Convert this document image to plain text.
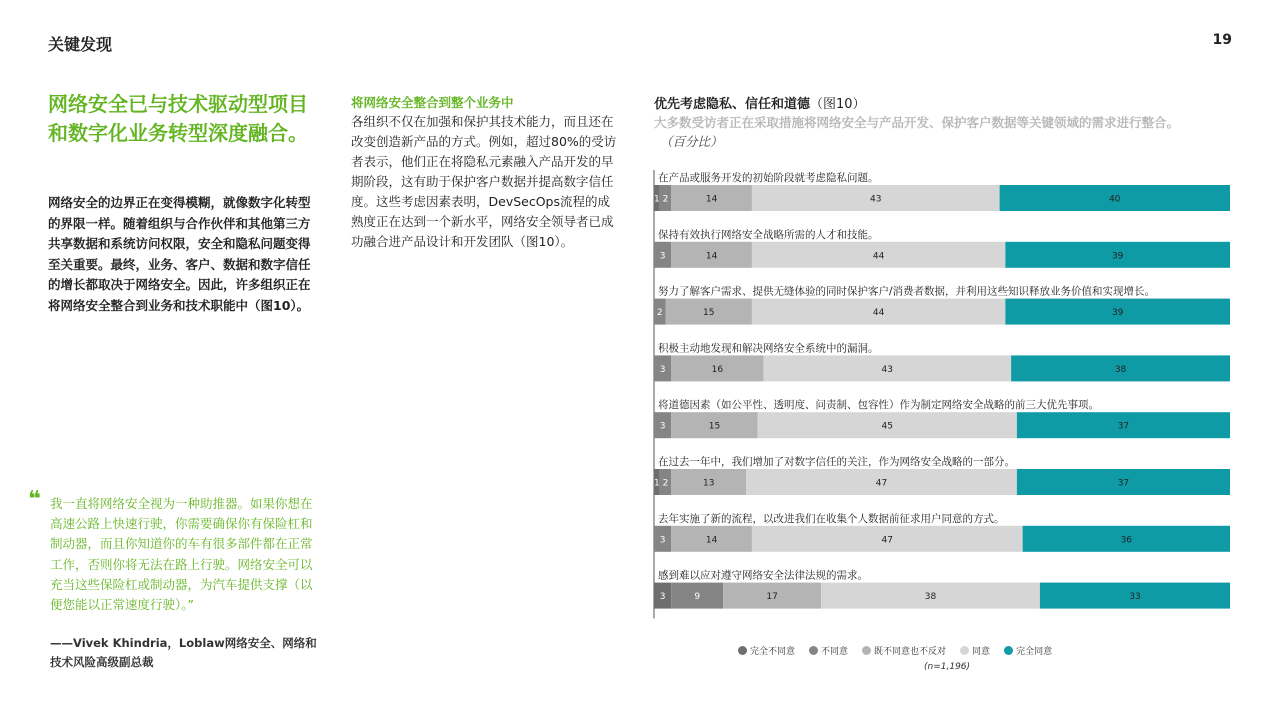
关键发现	19
网络安全已与技术驱动型项目和数字化业务转型深度融合。
网络安全的边界正在变得模糊，就像数字化转型的界限一样。随着组织与合作伙伴和其他第三方共享数据和系统访问权限，安全和隐私问题变得至关重要。最终，业务、客户、数据和数字信任的增长都取决于网络安全。因此，许多组织正在将网络安全整合到业务和技术职能中（图10）。
❝ 我一直将网络安全视为一种助推器。如果你想在高速公路上快速行驶，你需要确保你有保险杠和制动器，而且你知道你的车有很多部件都在正常工作，否则你将无法在路上行驶。网络安全可以充当这些保险杠或制动器，为汽车提供支撑（以便您能以正常速度行驶）。”
——Vivek Khindria，Loblaw网络安全、网络和技术风险高级副总裁
将网络安全整合到整个业务中
各组织不仅在加强和保护其技术能力，而且还在改变创造新产品的方式。例如，超过80%的受访者表示，他们正在将隐私元素融入产品开发的早期阶段，这有助于保护客户数据并提高数字信任度。这些考虑因素表明，DevSecOps流程的成熟度正在达到一个新水平，网络安全领导者已成功融合进产品设计和开发团队（图10）。
优先考虑隐私、信任和道德（图10）
大多数受访者正在采取措施将网络安全与产品开发、保护客户数据等关键领域的需求进行整合。
（百分比）
在产品或服务开发的初始阶段就考虑隐私问题。
1 2	14	43	40
保持有效执行网络安全战略所需的人才和技能。
3	14	44	39
努力了解客户需求、提供无缝体验的同时保护客户/消费者数据，并利用这些知识释放业务价值和实现增长。
2	15	44	39
积极主动地发现和解决网络安全系统中的漏洞。
3	16	43	38
将道德因素（如公平性、透明度、问责制、包容性）作为制定网络安全战略的前三大优先事项。
3	15	45	37
在过去一年中，我们增加了对数字信任的关注，作为网络安全战略的一部分。
1 2	13	47	37
去年实施了新的流程，以改进我们在收集个人数据前征求用户同意的方式。
3	14	47	36
感到难以应对遵守网络安全法律法规的需求。
3	9	17	38	33
完全不同意	不同意	既不同意也不反对	同意	完全同意
(n=1,196)
